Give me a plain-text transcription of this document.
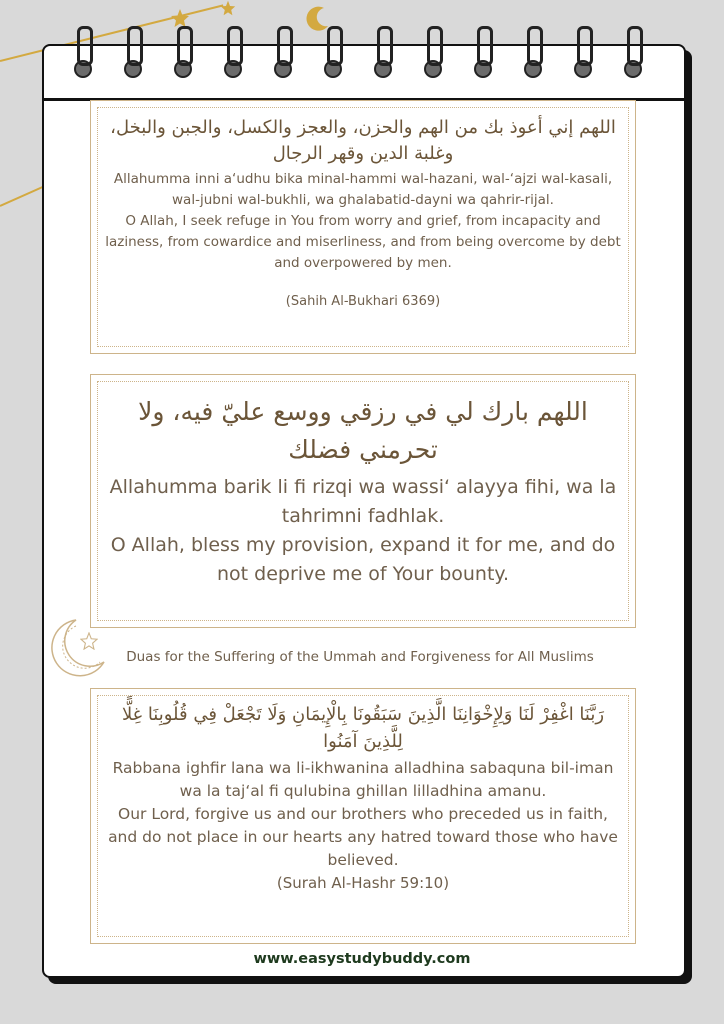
اللهم إني أعوذ بك من الهم والحزن، والعجز والكسل، والجبن والبخل، وغلبة الدين وقهر الرجال
Allahumma inni a‘udhu bika minal-hammi wal-hazani, wal-‘ajzi wal-kasali, wal-jubni wal-bukhli, wa ghalabatid-dayni wa qahrir-rijal.
O Allah, I seek refuge in You from worry and grief, from incapacity and laziness, from cowardice and miserliness, and from being overcome by debt and overpowered by men.
(Sahih Al-Bukhari 6369)
اللهم بارك لي في رزقي ووسع عليّ فيه، ولا تحرمني فضلك
Allahumma barik li fi rizqi wa wassi‘ alayya fihi, wa la tahrimni fadhlak.
O Allah, bless my provision, expand it for me, and do not deprive me of Your bounty.
Duas for the Suffering of the Ummah and Forgiveness for All Muslims
رَبَّنَا اغْفِرْ لَنَا وَلِإِخْوَانِنَا الَّذِينَ سَبَقُونَا بِالْإِيمَانِ وَلَا تَجْعَلْ فِي قُلُوبِنَا غِلًّا لِلَّذِينَ آمَنُوا
Rabbana ighfir lana wa li-ikhwanina alladhina sabaquna bil-iman wa la taj‘al fi qulubina ghillan lilladhina amanu.
Our Lord, forgive us and our brothers who preceded us in faith, and do not place in our hearts any hatred toward those who have believed.
(Surah Al-Hashr 59:10)
www.easystudybuddy.com
